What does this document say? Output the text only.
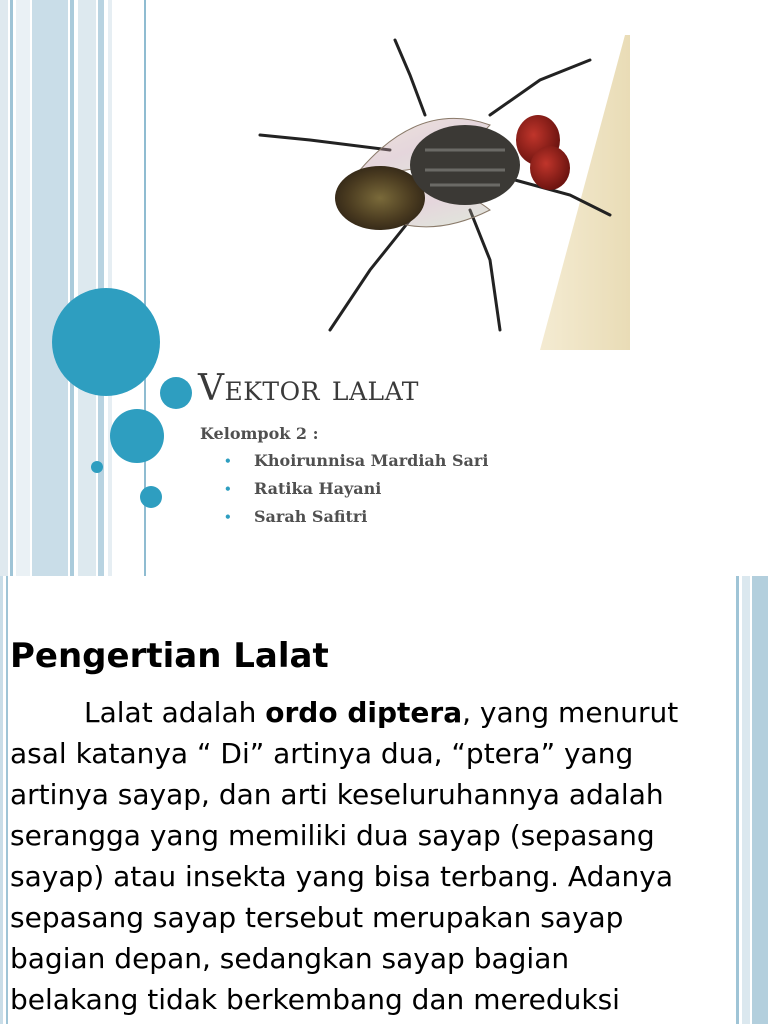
Vektor lalat
Kelompok 2 :
• Khoirunnisa Mardiah Sari
• Ratika Hayani
• Sarah Safitri
Pengertian Lalat

Lalat adalah ordo diptera, yang menurut
asal katanya “ Di” artinya dua, “ptera” yang
artinya sayap, dan arti keseluruhannya adalah
serangga yang memiliki dua sayap (sepasang
sayap) atau insekta yang bisa terbang. Adanya
sepasang sayap tersebut merupakan sayap
bagian depan, sedangkan sayap bagian
belakang tidak berkembang dan mereduksi
